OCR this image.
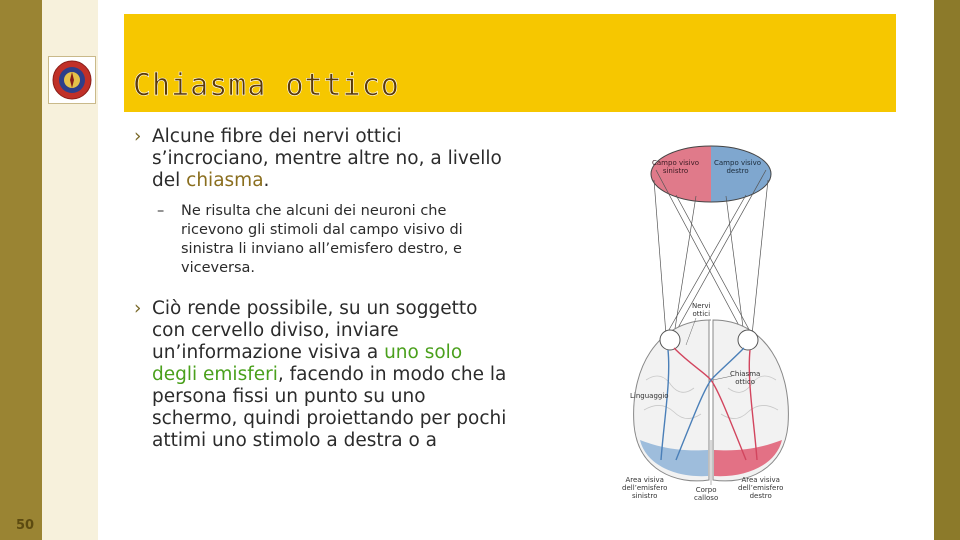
Chiasma ottico
› Alcune fibre dei nervi ottici s’incrociano, mentre altre no, a livello del chiasma.
– Ne risulta che alcuni dei neuroni che ricevono gli stimoli dal campo visivo di sinistra li inviano all’emisfero destro, e viceversa.
› Ciò rende possibile, su un soggetto con cervello diviso, inviare un’informazione visiva a uno solo degli emisferi, facendo in modo che la persona fissi un punto su uno schermo, quindi proiettando per pochi attimi uno stimolo a destra o a
50
Campo visivo
sinistro
Campo visivo
destro
Nervi
ottici
Chiasma
ottico
Linguaggio
Area visiva
dell’emisfero
sinistro
Corpo
calloso
Area visiva
dell’emisfero
destro
